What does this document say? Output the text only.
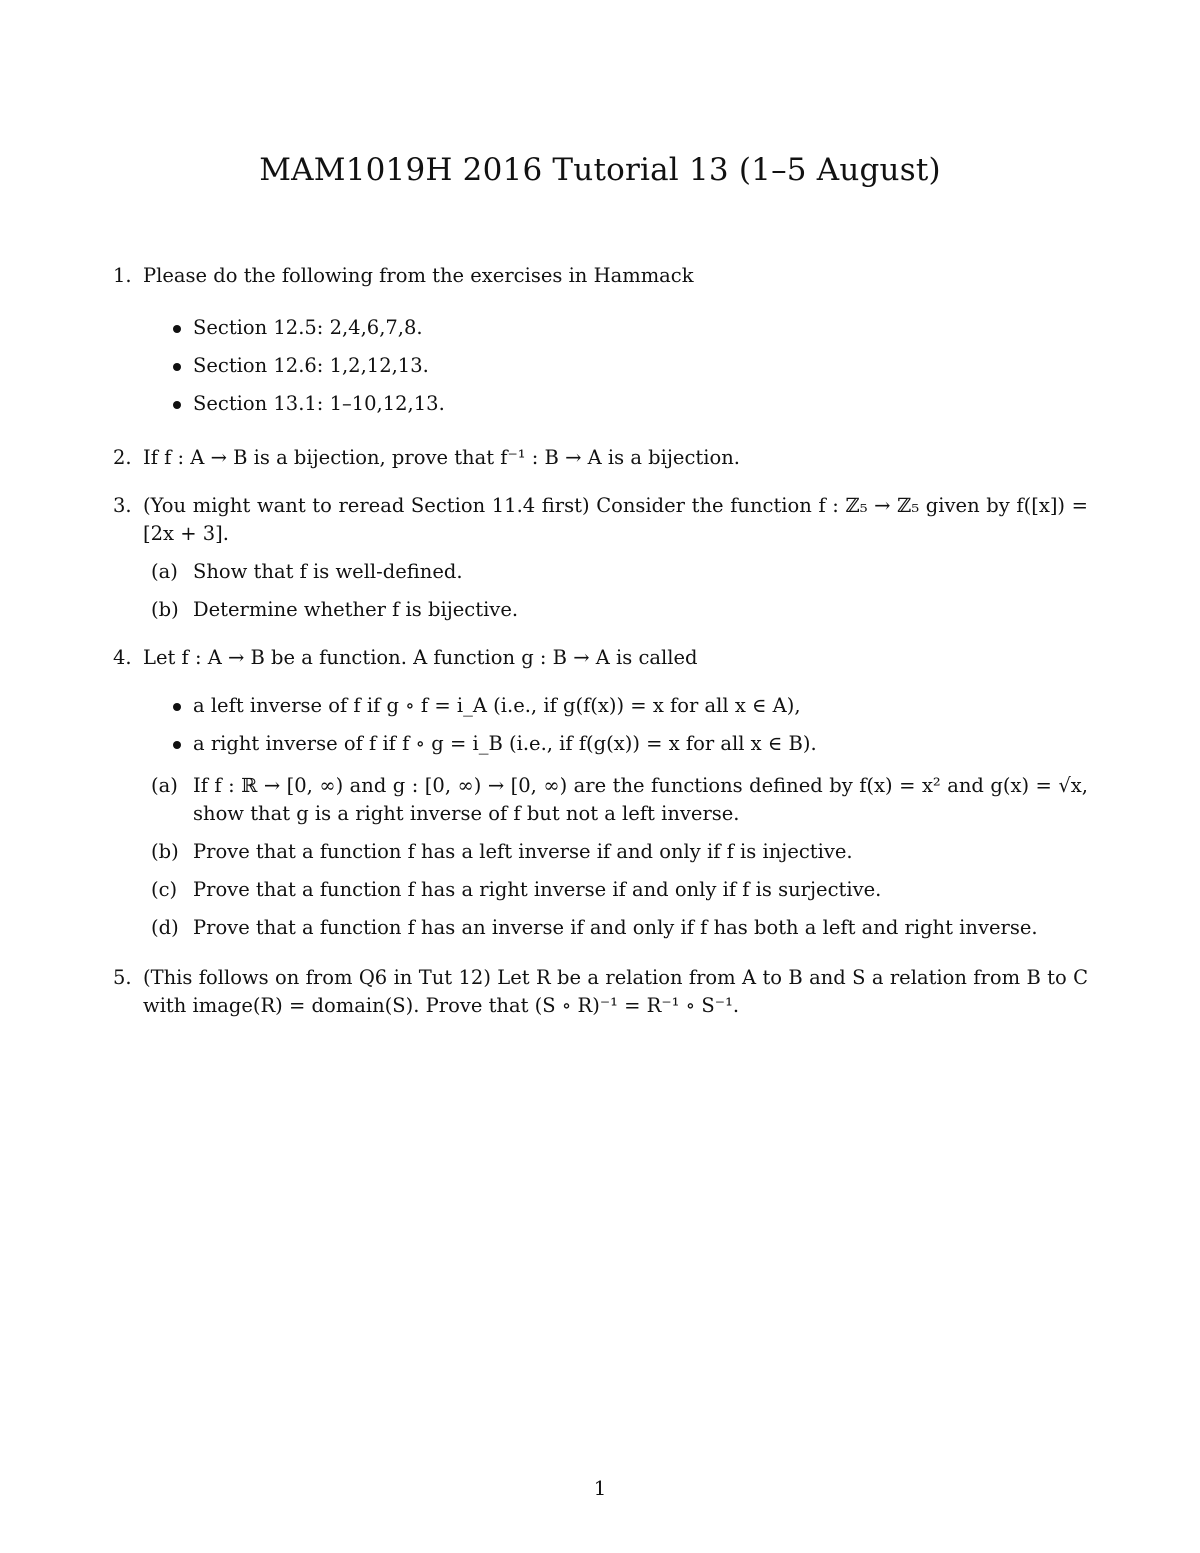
MAM1019H 2016 Tutorial 13 (1–5 August)
1. Please do the following from the exercises in Hammack
Section 12.5: 2,4,6,7,8.
Section 12.6: 1,2,12,13.
Section 13.1: 1–10,12,13.
2. If f : A → B is a bijection, prove that f⁻¹ : B → A is a bijection.
3. (You might want to reread Section 11.4 first) Consider the function f : ℤ₅ → ℤ₅ given by f([x]) = [2x + 3].
(a) Show that f is well-defined.
(b) Determine whether f is bijective.
4. Let f : A → B be a function. A function g : B → A is called
a left inverse of f if g ∘ f = i_A (i.e., if g(f(x)) = x for all x ∈ A),
a right inverse of f if f ∘ g = i_B (i.e., if f(g(x)) = x for all x ∈ B).
(a) If f : ℝ → [0, ∞) and g : [0, ∞) → [0, ∞) are the functions defined by f(x) = x² and g(x) = √x, show that g is a right inverse of f but not a left inverse.
(b) Prove that a function f has a left inverse if and only if f is injective.
(c) Prove that a function f has a right inverse if and only if f is surjective.
(d) Prove that a function f has an inverse if and only if f has both a left and right inverse.
5. (This follows on from Q6 in Tut 12) Let R be a relation from A to B and S a relation from B to C with image(R) = domain(S). Prove that (S ∘ R)⁻¹ = R⁻¹ ∘ S⁻¹.
1
